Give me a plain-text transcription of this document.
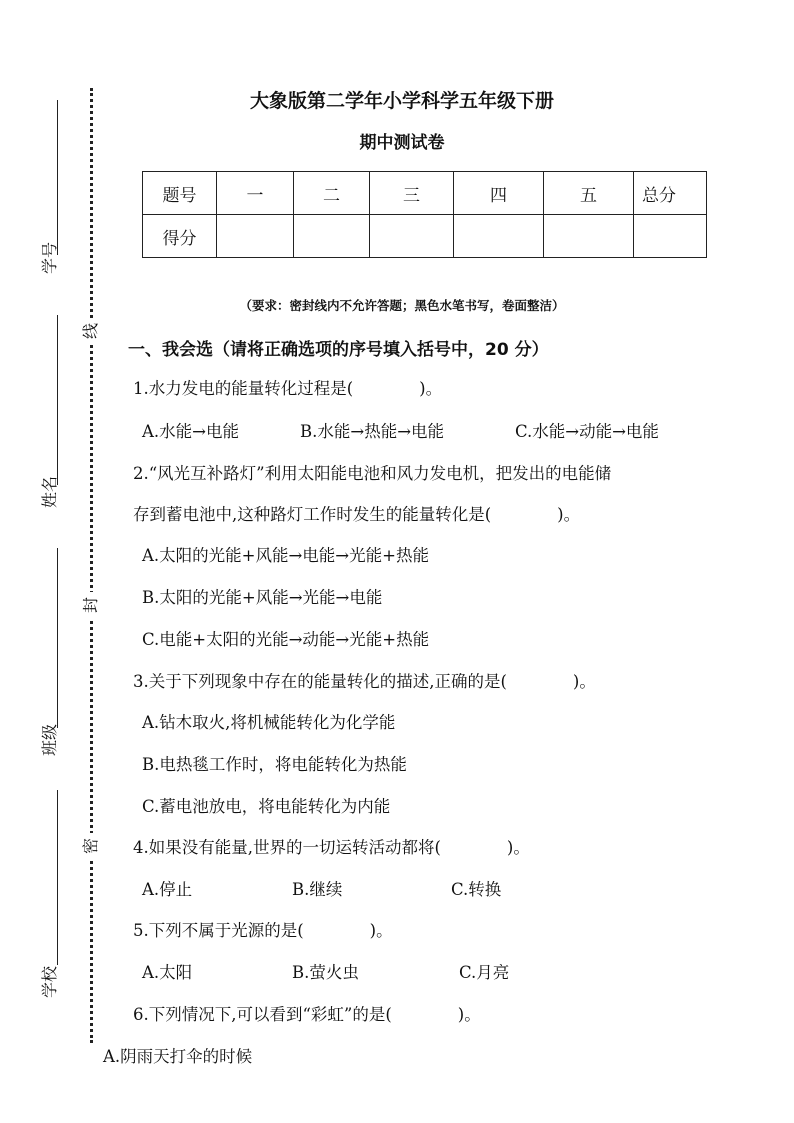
学号
姓名
班级
学校
线
封
密
大象版第二学年小学科学五年级下册
期中测试卷
题号	一	二	三	四	五	总分
得分						
（要求：密封线内不允许答题；黑色水笔书写，卷面整洁）
一、我会选（请将正确选项的序号填入括号中，20 分）
1.水力发电的能量转化过程是(　　　　)。
A.水能→电能	B.水能→热能→电能	C.水能→动能→电能
2.“风光互补路灯”利用太阳能电池和风力发电机，把发出的电能储
存到蓄电池中,这种路灯工作时发生的能量转化是(　　　　)。
A.太阳的光能+风能→电能→光能+热能
B.太阳的光能+风能→光能→电能
C.电能+太阳的光能→动能→光能+热能
3.关于下列现象中存在的能量转化的描述,正确的是(　　　　)。
A.钻木取火,将机械能转化为化学能
B.电热毯工作时，将电能转化为热能
C.蓄电池放电，将电能转化为内能
4.如果没有能量,世界的一切运转活动都将(　　　　)。
A.停止	B.继续	C.转换
5.下列不属于光源的是(　　　　)。
A.太阳	B.萤火虫	C.月亮
6.下列情况下,可以看到“彩虹”的是(　　　　)。
A.阴雨天打伞的时候
